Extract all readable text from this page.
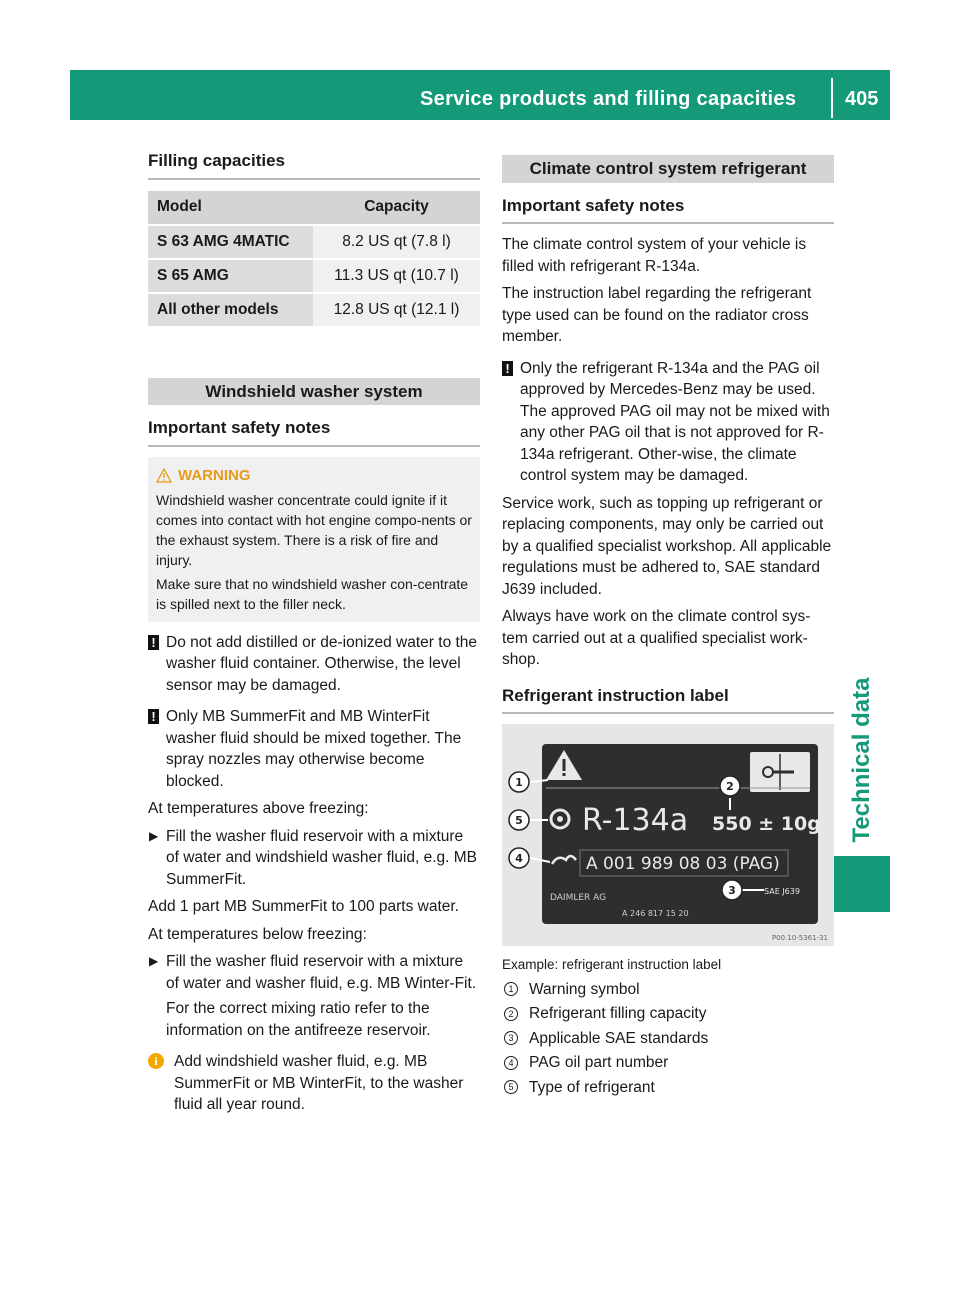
Service products and filling capacities 405
Technical data
Filling capacities
Model	Capacity
S 63 AMG 4MATIC	8.2 US qt (7.8 l)
S 65 AMG	11.3 US qt (10.7 l)
All other models	12.8 US qt (12.1 l)
Windshield washer system
Important safety notes
WARNING

Windshield washer concentrate could ignite if it comes into contact with hot engine compo-nents or the exhaust system. There is a risk of fire and injury.

Make sure that no windshield washer con-centrate is spilled next to the filler neck.

! Do not add distilled or de-ionized water to the washer fluid container. Otherwise, the level sensor may be damaged.
! Only MB SummerFit and MB WinterFit washer fluid should be mixed together. The spray nozzles may otherwise become blocked.

At temperatures above freezing:

▶ Fill the washer fluid reservoir with a mixture of water and windshield washer fluid, e.g. MB SummerFit.

Add 1 part MB SummerFit to 100 parts water.

At temperatures below freezing:

▶ Fill the washer fluid reservoir with a mixture of water and washer fluid, e.g. MB Winter-Fit.

For the correct mixing ratio refer to the information on the antifreeze reservoir.

i	Add windshield washer fluid, e.g. MB SummerFit or MB WinterFit, to the washer fluid all year round.
Climate control system refrigerant
Important safety notes

The climate control system of your vehicle is filled with refrigerant R-134a.

The instruction label regarding the refrigerant type used can be found on the radiator cross member.

! Only the refrigerant R-134a and the PAG oil approved by Mercedes-Benz may be used. The approved PAG oil may not be mixed with any other PAG oil that is not approved for R-134a refrigerant. Other-wise, the climate control system may be damaged.

Service work, such as topping up refrigerant or replacing components, may only be carried out by a qualified specialist workshop. All applicable regulations must be adhered to, SAE standard J639 included.

Always have work on the climate control sys-tem carried out at a qualified specialist work-shop.

Refrigerant instruction label
R-134a 550 ± 10g
A 001 989 08 03 (PAG)
DAIMLER AG
A 246 817 15 20
SAE J639
1	2
3
4
5
P00.10-5361-31
Example: refrigerant instruction label
1 Warning symbol
2 Refrigerant filling capacity
3 Applicable SAE standards
4 PAG oil part number
5 Type of refrigerant
